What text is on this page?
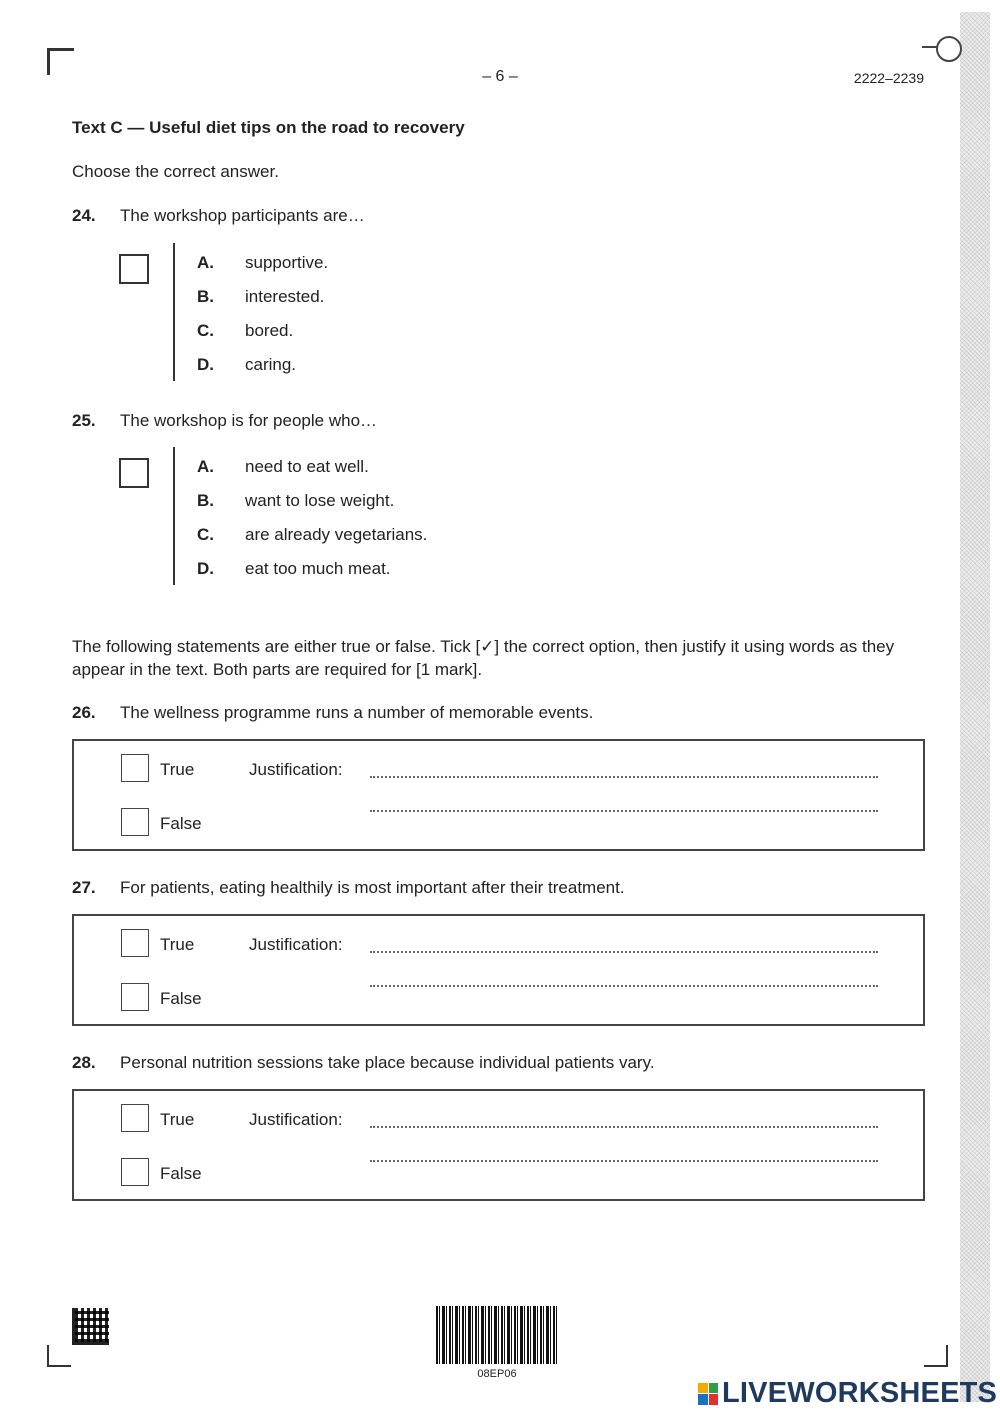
– 6 –	2222–2239
Text C — Useful diet tips on the road to recovery
Choose the correct answer.
24. The workshop participants are…
A. supportive.
B. interested.
C. bored.
D. caring.
25. The workshop is for people who…
A. need to eat well.
B. want to lose weight.
C. are already vegetarians.
D. eat too much meat.
The following statements are either true or false. Tick [✓] the correct option, then justify it using words as they appear in the text. Both parts are required for [1 mark].
26. The wellness programme runs a number of memorable events.
True	Justification:
False
27. For patients, eating healthily is most important after their treatment.
True	Justification:
False
28. Personal nutrition sessions take place because individual patients vary.
True	Justification:
False
08EP06
LIVEWORKSHEETS
